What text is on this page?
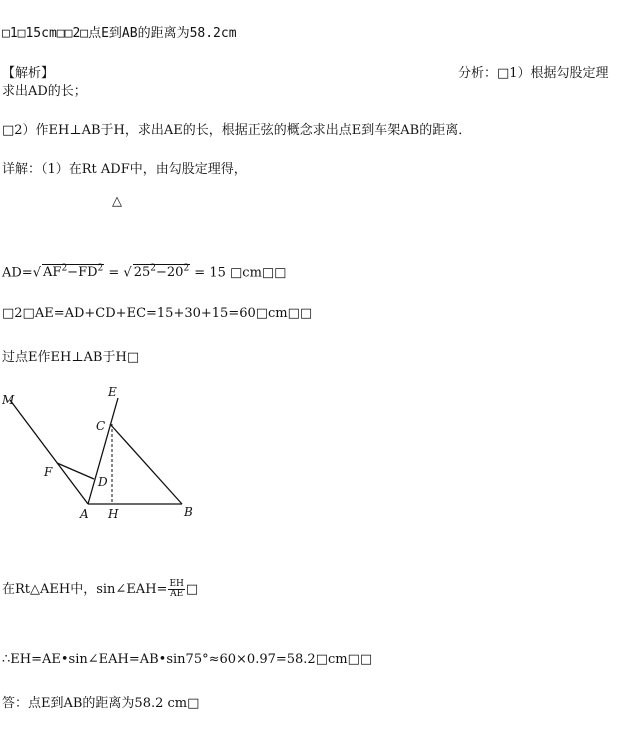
□1□15cm□□2□点E到AB的距离为58.2cm
【解析】	分析：□1）根据勾股定理
求出AD的长；
□2）作EH⊥AB于H，求出AE的长，根据正弦的概念求出点E到车架AB的距离．
详解：（1）在Rt ADF中，由勾股定理得，
△
AD=√ $AF^2-FD^2$ = √ $25^2-20^2 = 15$ □cm□□
□2□AE=AD+CD+EC=15+30+15=60□cm□□
过点E作EH⊥AB于H□
M
E
C
F
D
A H	B
在Rt△AEH中，sin∠EAH= $\frac{EH}{AE}$ □
∴EH=AE•sin∠EAH=AB•sin75°≈60×0.97=58.2□cm□□
答：点E到AB的距离为58.2 cm□
